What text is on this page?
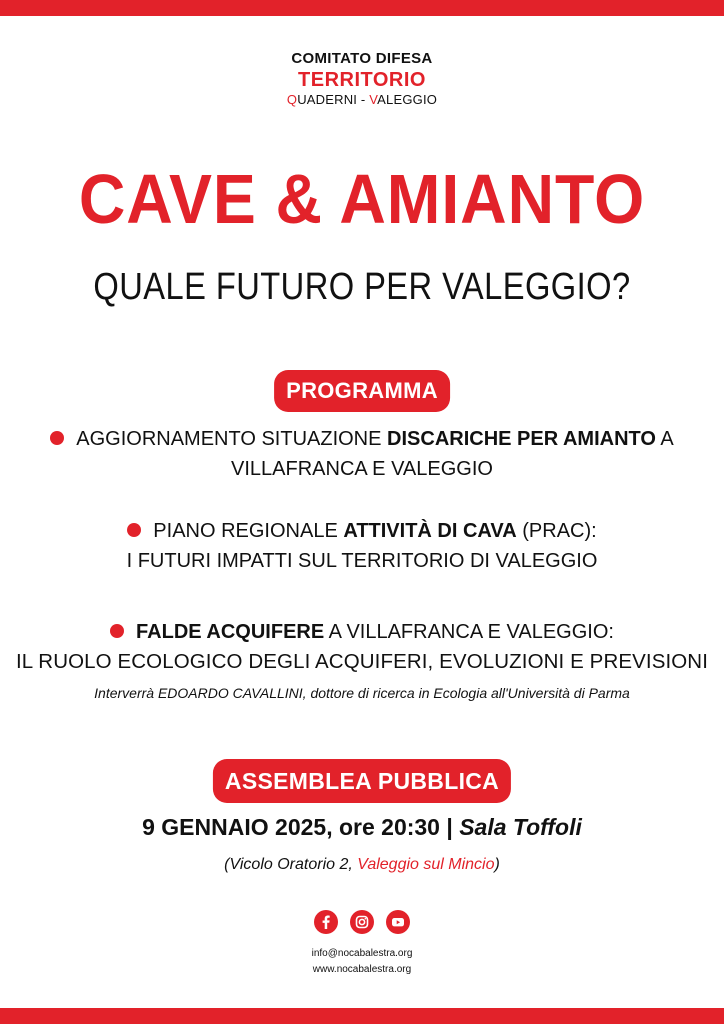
COMITATO DIFESA
TERRITORIO
QUADERNI - VALEGGIO
CAVE & AMIANTO
QUALE FUTURO PER VALEGGIO?
PROGRAMMA
AGGIORNAMENTO SITUAZIONE DISCARICHE PER AMIANTO A
VILLAFRANCA E VALEGGIO
PIANO REGIONALE ATTIVITÀ DI CAVA (PRAC):
I FUTURI IMPATTI SUL TERRITORIO DI VALEGGIO
FALDE ACQUIFERE A VILLAFRANCA E VALEGGIO:
IL RUOLO ECOLOGICO DEGLI ACQUIFERI, EVOLUZIONI E PREVISIONI
Interverrà EDOARDO CAVALLINI, dottore di ricerca in Ecologia all'Università di Parma
ASSEMBLEA PUBBLICA
9 GENNAIO 2025, ore 20:30 | Sala Toffoli
(Vicolo Oratorio 2, Valeggio sul Mincio)
info@nocabalestra.org
www.nocabalestra.org
